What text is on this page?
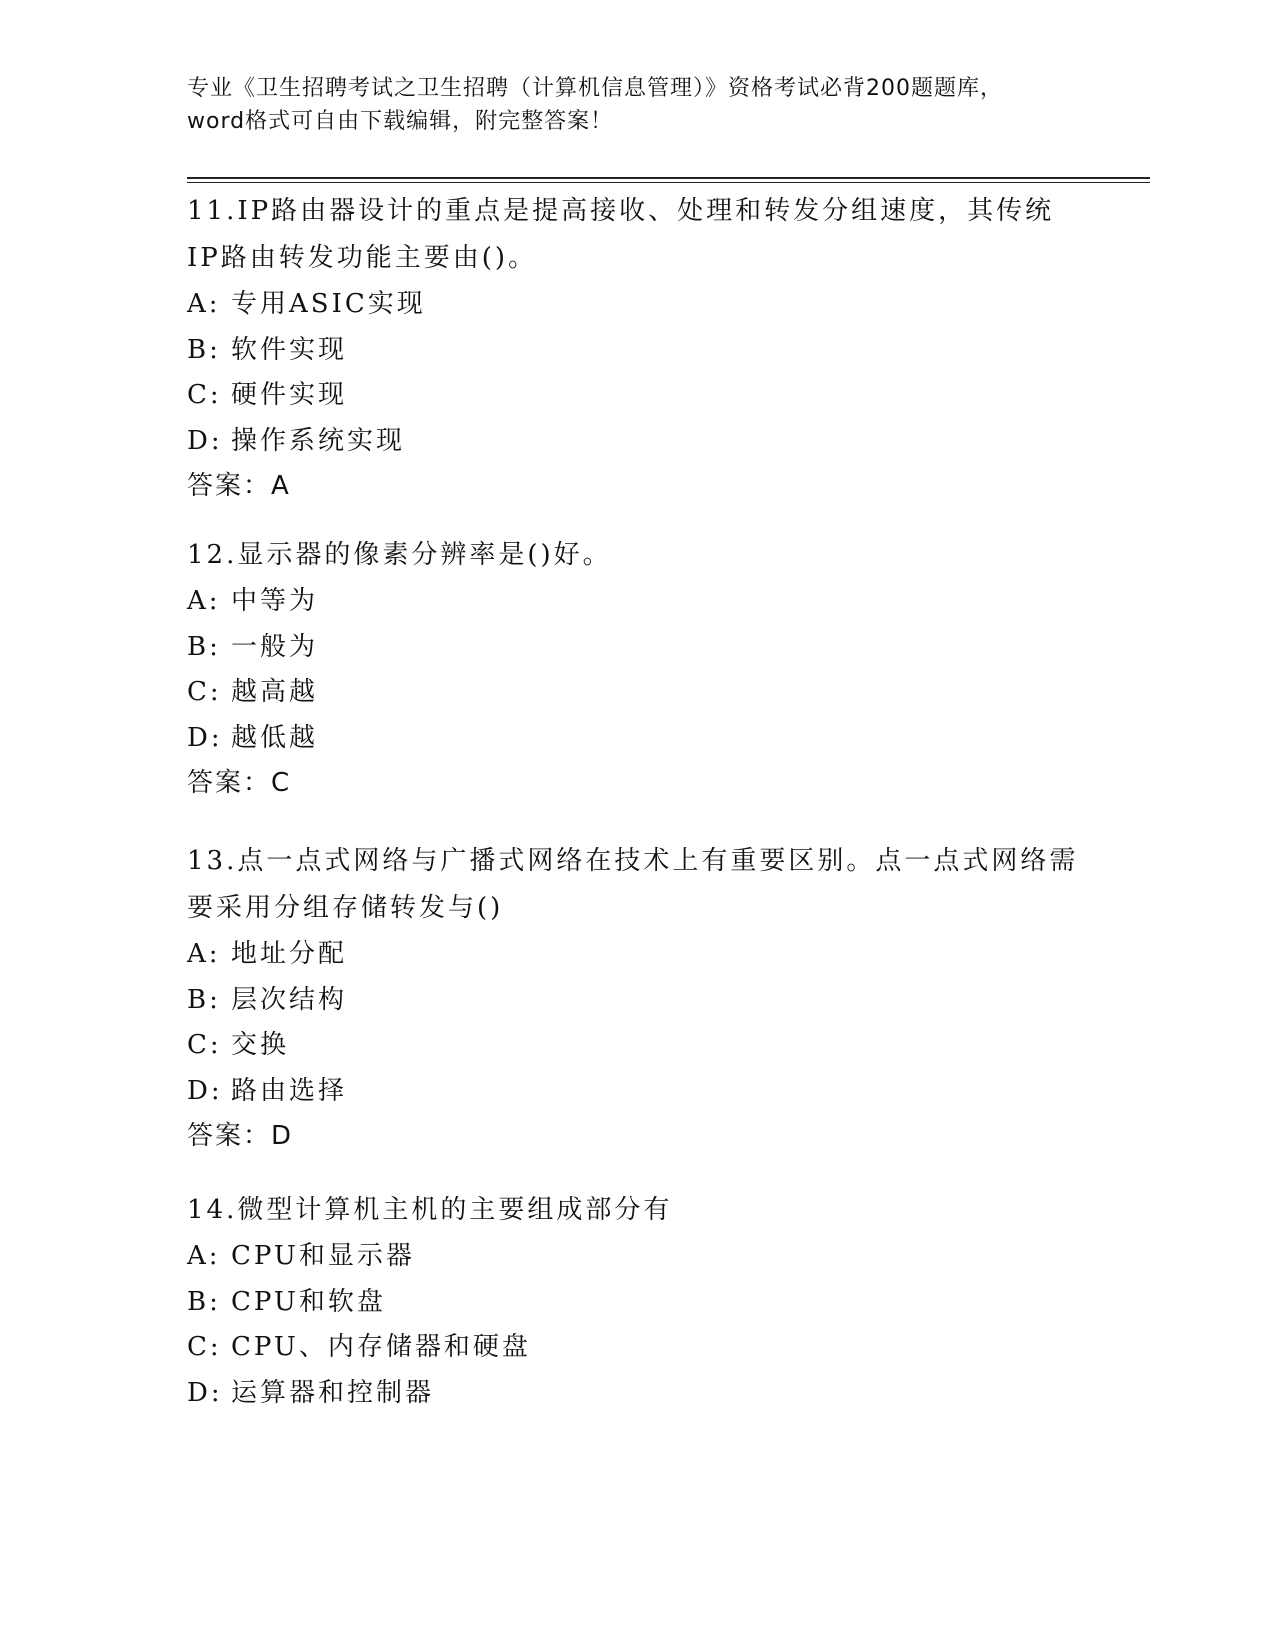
专业《卫生招聘考试之卫生招聘（计算机信息管理）》资格考试必背200题题库，
word格式可自由下载编辑，附完整答案！
11.IP路由器设计的重点是提高接收、处理和转发分组速度，其传统
IP路由转发功能主要由()。
A: 专用ASIC实现
B: 软件实现
C: 硬件实现
D: 操作系统实现
答案：A
12.显示器的像素分辨率是()好。
A: 中等为
B: 一般为
C: 越高越
D: 越低越
答案：C
13.点一点式网络与广播式网络在技术上有重要区别。点一点式网络需
要采用分组存储转发与()
A: 地址分配
B: 层次结构
C: 交换
D: 路由选择
答案：D
14.微型计算机主机的主要组成部分有
A: CPU和显示器
B: CPU和软盘
C: CPU、内存储器和硬盘
D: 运算器和控制器
